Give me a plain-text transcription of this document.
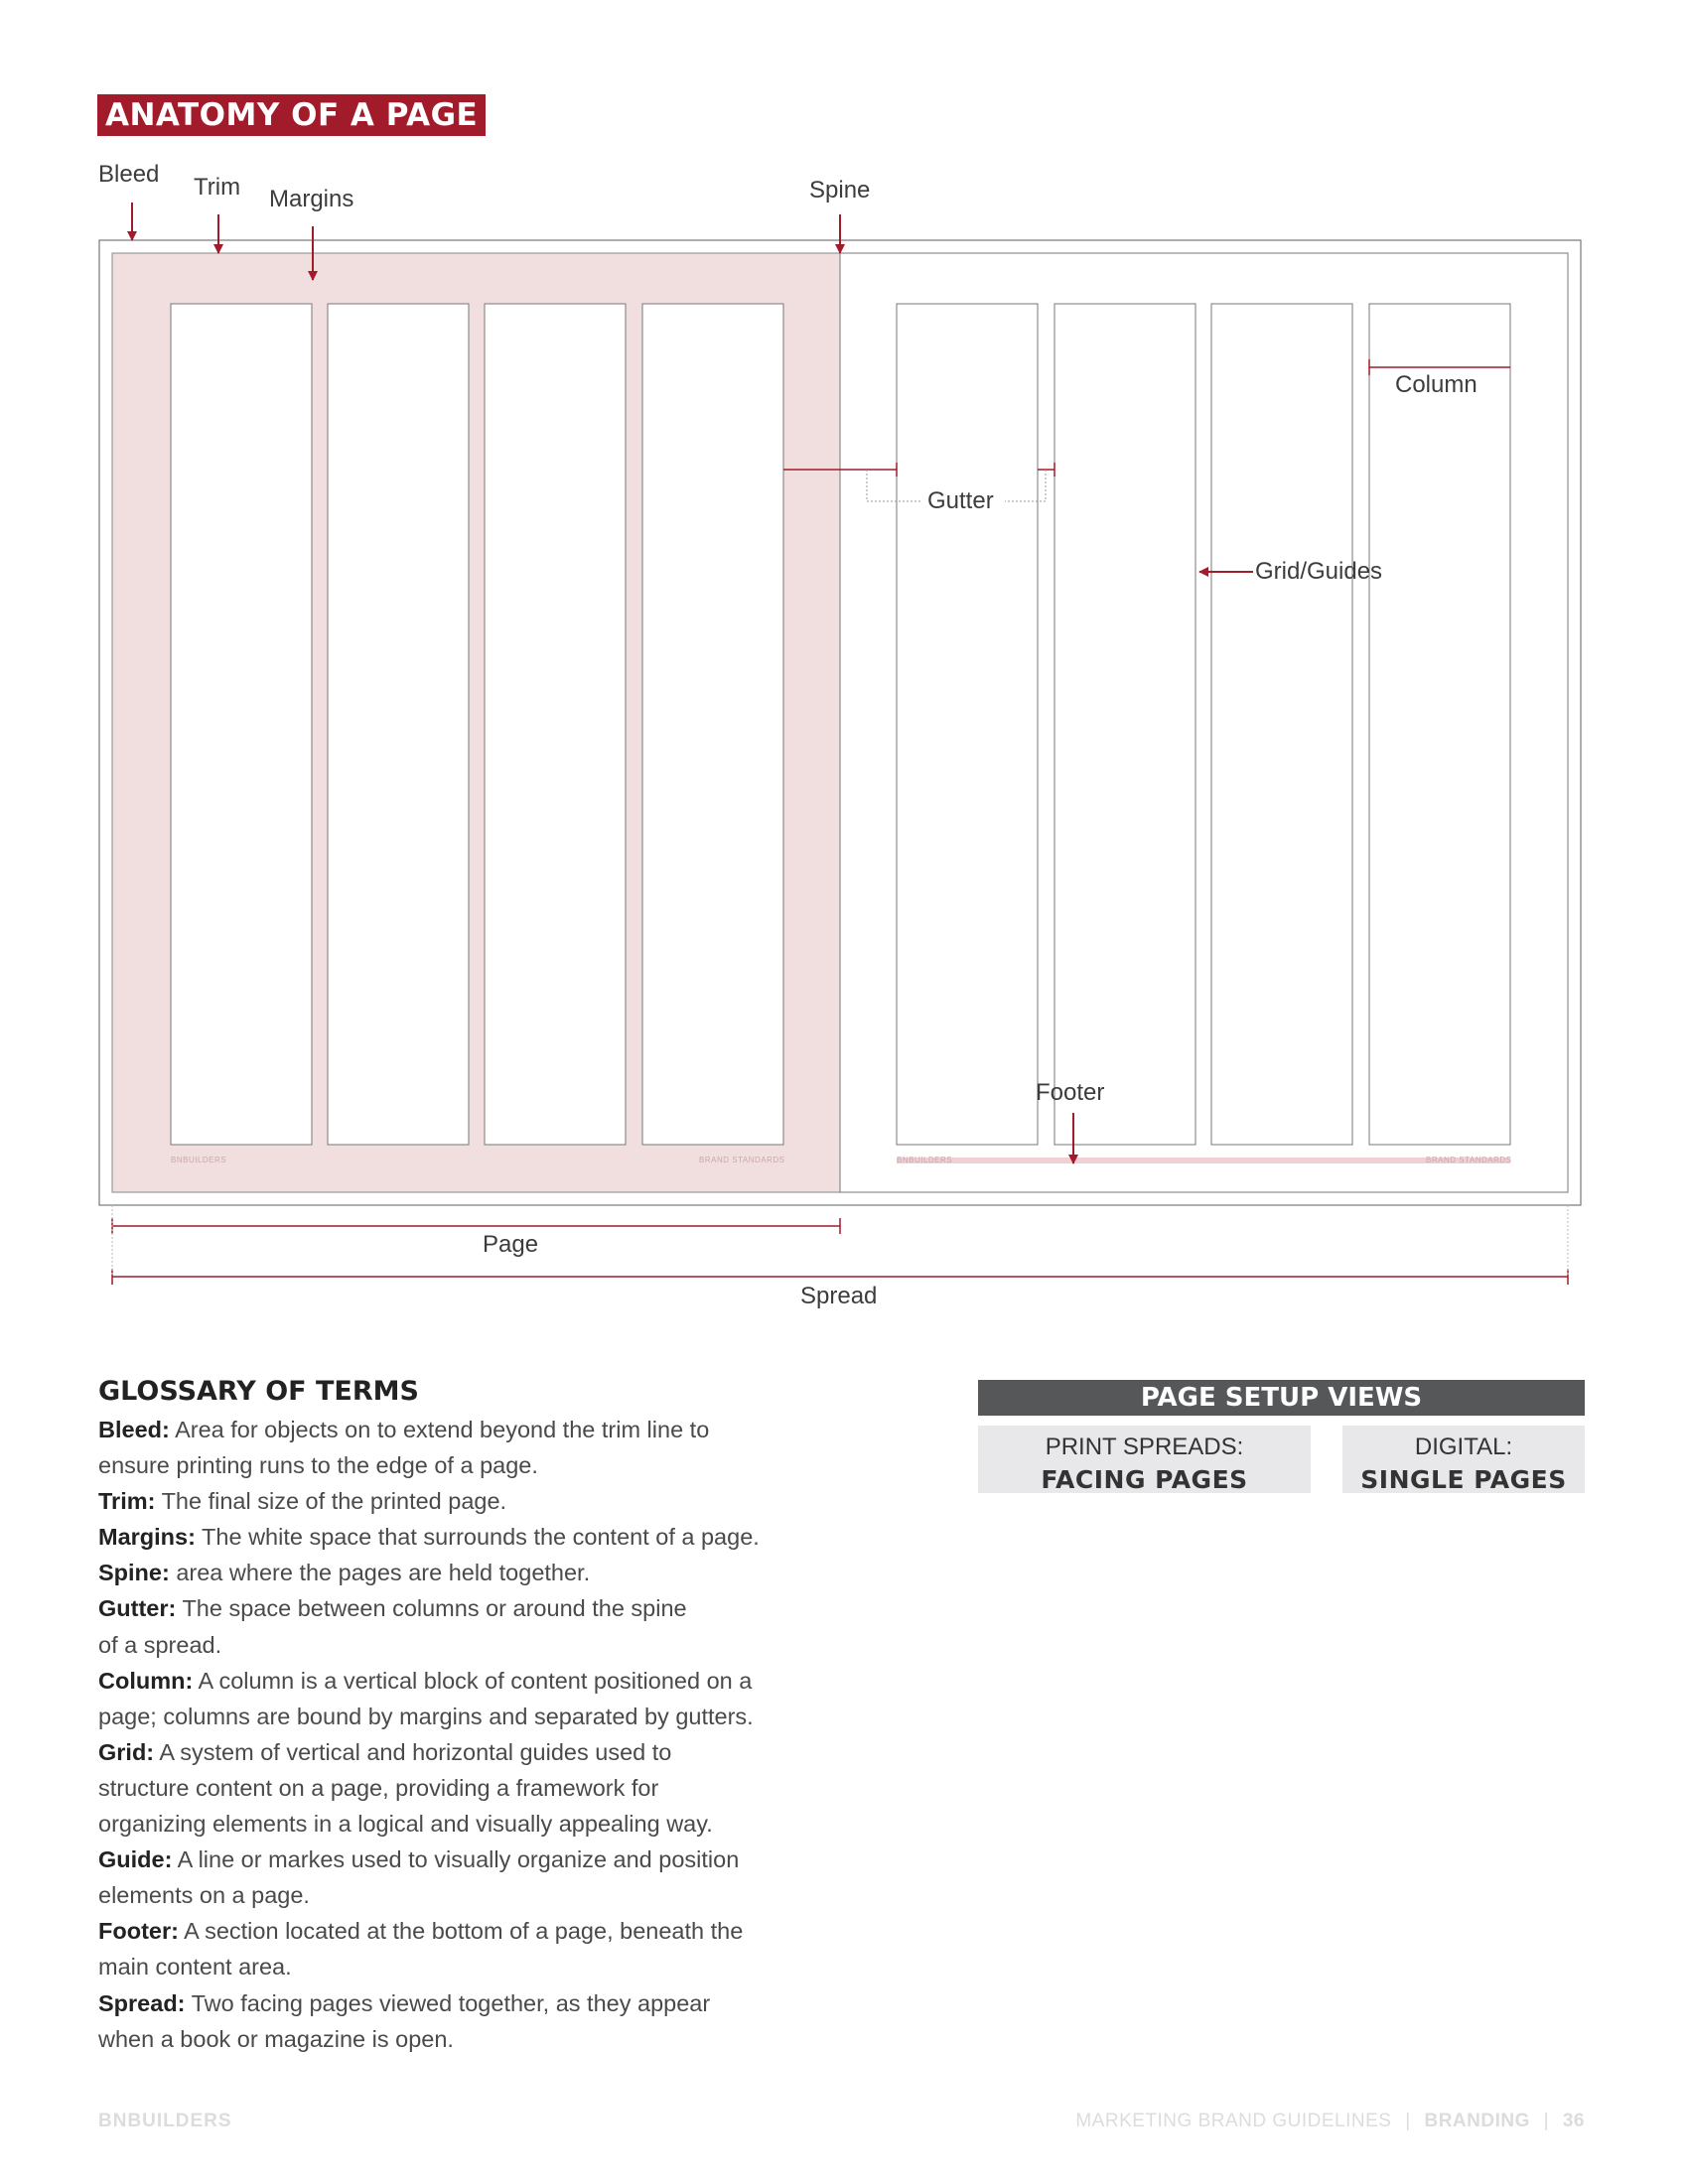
ANATOMY OF A PAGE
Bleed Trim Margins	Spine
Column
Gutter
Grid/Guides
Footer
Page
Spread
BNBUILDERS	BRAND STANDARDS	BNBUILDERS	BRAND STANDARDS
GLOSSARY OF TERMS
Bleed: Area for objects on to extend beyond the trim line to
ensure printing runs to the edge of a page.
Trim: The final size of the printed page.
Margins: The white space that surrounds the content of a page.
Spine: area where the pages are held together.
Gutter: The space between columns or around the spine
of a spread.
Column: A column is a vertical block of content positioned on a
page; columns are bound by margins and separated by gutters.
Grid: A system of vertical and horizontal guides used to
structure content on a page, providing a framework for
organizing elements in a logical and visually appealing way.
Guide: A line or markes used to visually organize and position
elements on a page.
Footer: A section located at the bottom of a page, beneath the
main content area.
Spread: Two facing pages viewed together, as they appear
when a book or magazine is open.
PAGE SETUP VIEWS
PRINT SPREADS:
FACING PAGES
DIGITAL:
SINGLE PAGES
BNBUILDERS	MARKETING BRAND GUIDELINES | BRANDING | 36
